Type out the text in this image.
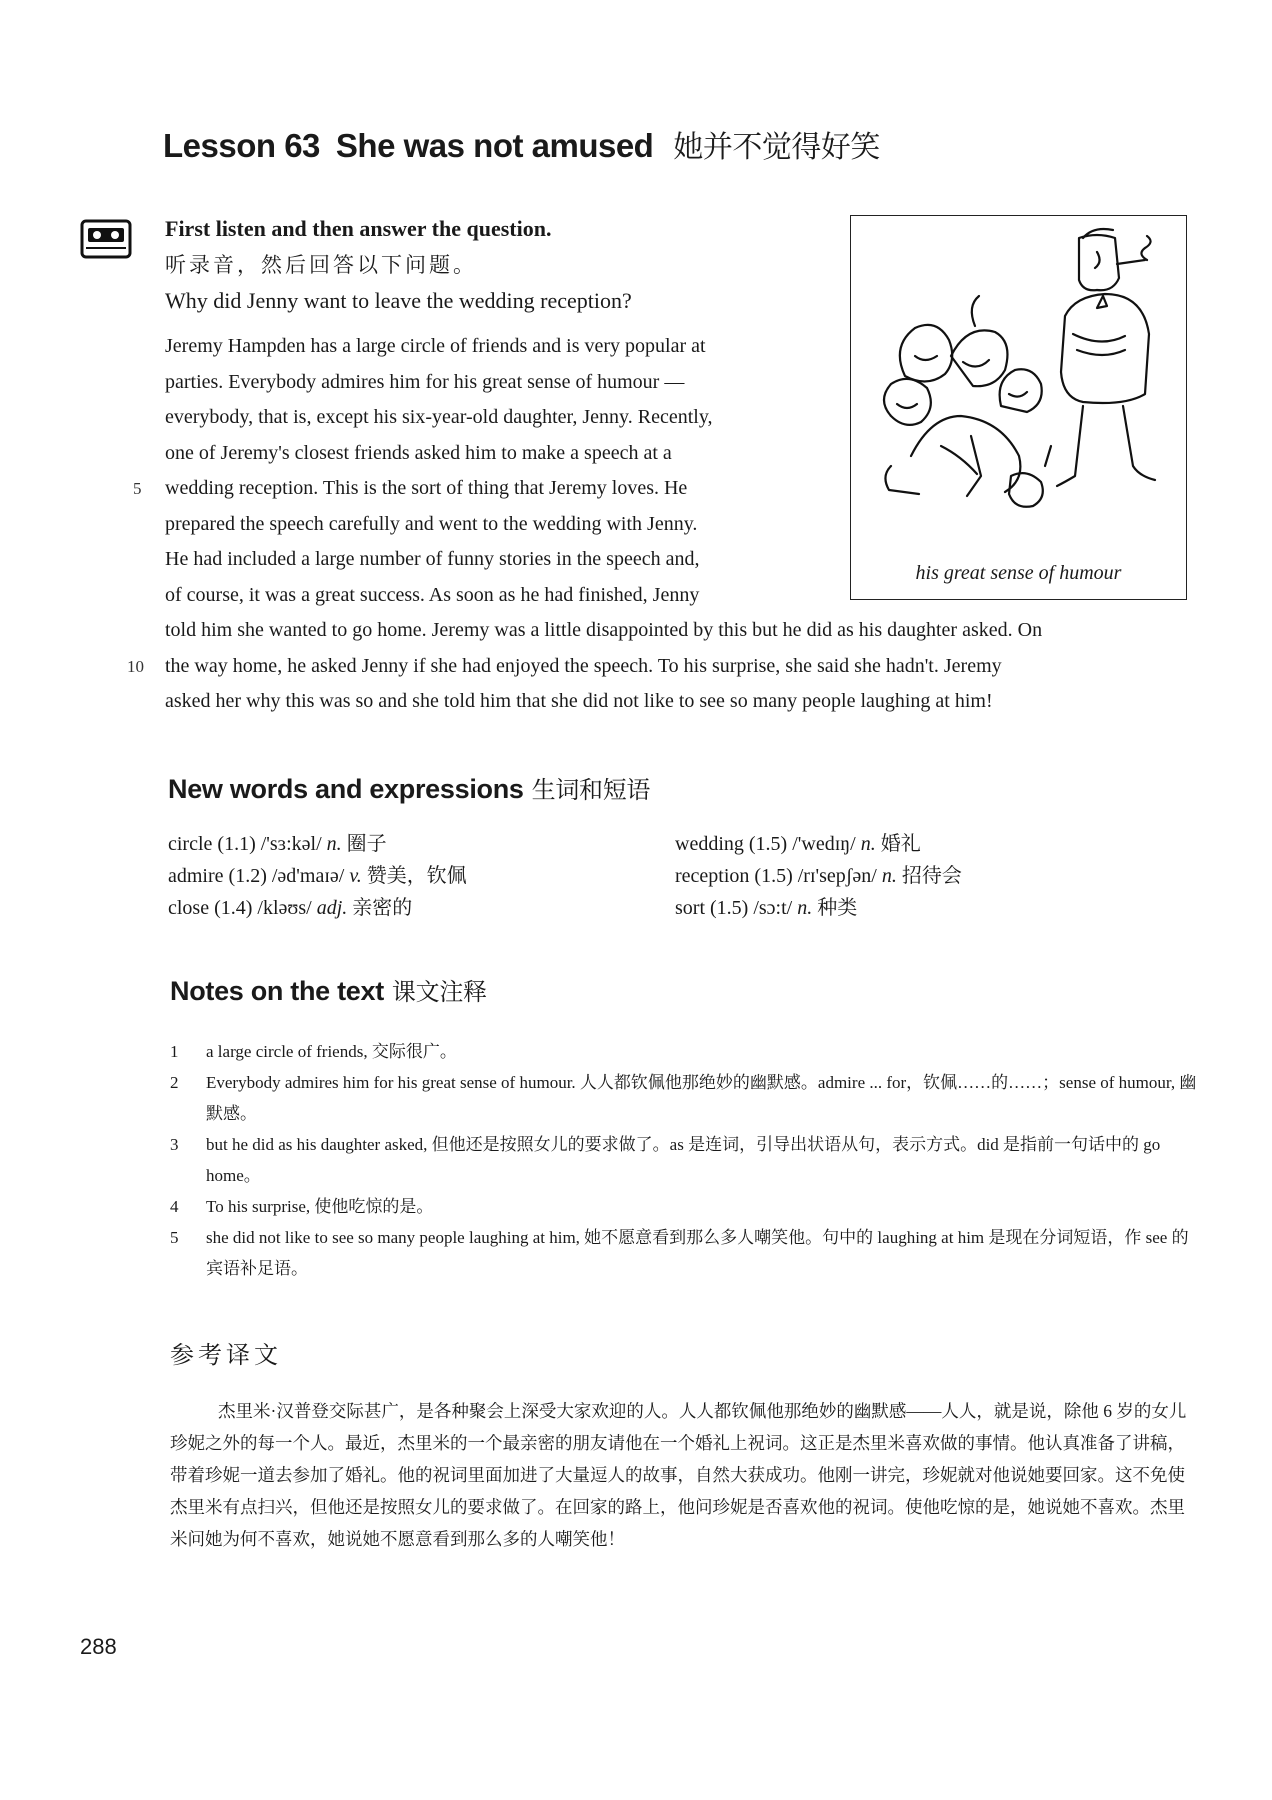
Lesson 63 She was not amused 她并不觉得好笑
First listen and then answer the question.
听录音，然后回答以下问题。
Why did Jenny want to leave the wedding reception?
his great sense of humour
Jeremy Hampden has a large circle of friends and is very popular at
parties. Everybody admires him for his great sense of humour —
everybody, that is, except his six-year-old daughter, Jenny. Recently,
one of Jeremy's closest friends asked him to make a speech at a
5 wedding reception. This is the sort of thing that Jeremy loves. He
prepared the speech carefully and went to the wedding with Jenny.
He had included a large number of funny stories in the speech and,
of course, it was a great success. As soon as he had finished, Jenny
told him she wanted to go home. Jeremy was a little disappointed by this but he did as his daughter asked. On
10 the way home, he asked Jenny if she had enjoyed the speech. To his surprise, she said she hadn't. Jeremy
asked her why this was so and she told him that she did not like to see so many people laughing at him!
New words and expressions 生词和短语
circle (1.1) /'sɜ:kəl/ n. 圈子
admire (1.2) /əd'maɪə/ v. 赞美，钦佩
close (1.4) /kləʊs/ adj. 亲密的
wedding (1.5) /'wedɪŋ/ n. 婚礼
reception (1.5) /rɪ'sepʃən/ n. 招待会
sort (1.5) /sɔ:t/ n. 种类
Notes on the text 课文注释
1 a large circle of friends, 交际很广。
2 Everybody admires him for his great sense of humour. 人人都钦佩他那绝妙的幽默感。admire ... for，钦佩……的……；sense of humour, 幽默感。
3 but he did as his daughter asked, 但他还是按照女儿的要求做了。as 是连词，引导出状语从句，表示方式。did 是指前一句话中的 go home。
4 To his surprise, 使他吃惊的是。
5 she did not like to see so many people laughing at him, 她不愿意看到那么多人嘲笑他。句中的 laughing at him 是现在分词短语，作 see 的宾语补足语。
参考译文
杰里米·汉普登交际甚广，是各种聚会上深受大家欢迎的人。人人都钦佩他那绝妙的幽默感——人人，就是说，除他 6 岁的女儿珍妮之外的每一个人。最近，杰里米的一个最亲密的朋友请他在一个婚礼上祝词。这正是杰里米喜欢做的事情。他认真准备了讲稿，带着珍妮一道去参加了婚礼。他的祝词里面加进了大量逗人的故事，自然大获成功。他刚一讲完，珍妮就对他说她要回家。这不免使杰里米有点扫兴，但他还是按照女儿的要求做了。在回家的路上，他问珍妮是否喜欢他的祝词。使他吃惊的是，她说她不喜欢。杰里米问她为何不喜欢，她说她不愿意看到那么多的人嘲笑他！
288
